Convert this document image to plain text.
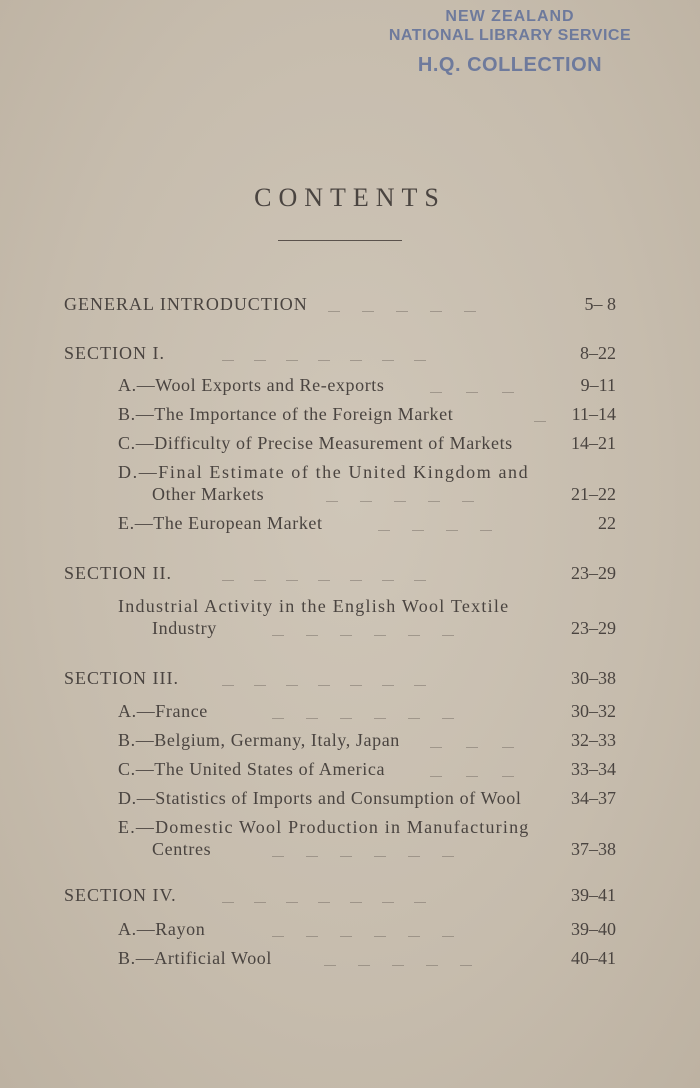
NEW ZEALAND
NATIONAL LIBRARY SERVICE
H.Q. COLLECTION
CONTENTS
GENERAL INTRODUCTION	......           ......           ......           ......           ......	5– 8
SECTION I.	......          ......          ......          ......          ......          ......          ......	8–22
A.—Wool Exports and Re-exports	......            ......            ......	9–11
B.—The Importance of the Foreign Market	...... 11–14
C.—Difficulty of Precise Measurement of Markets	14–21
D.—Final Estimate of the United Kingdom and
Other Markets	......           ......           ......           ......           ......	21–22
E.—The European Market	......           ......           ......           ......	22
SECTION II.	......          ......          ......          ......          ......          ......          ......	23–29
Industrial Activity in the English Wool Textile
Industry	......           ......           ......           ......           ......           ......	23–29
SECTION III.	......          ......          ......          ......          ......          ......          ......	30–38
A.—France	......           ......           ......           ......           ......           ......	30–32
B.—Belgium, Germany, Italy, Japan	......            ......            ......	32–33
C.—The United States of America	......            ......            ......	33–34
D.—Statistics of Imports and Consumption of Wool	34–37
E.—Domestic Wool Production in Manufacturing
Centres	......           ......           ......           ......           ......           ......	37–38
SECTION IV.	......          ......          ......          ......          ......          ......          ......	39–41
A.—Rayon	......           ......           ......           ......           ......           ......	39–40
B.—Artificial Wool	......           ......           ......           ......           ......	40–41
